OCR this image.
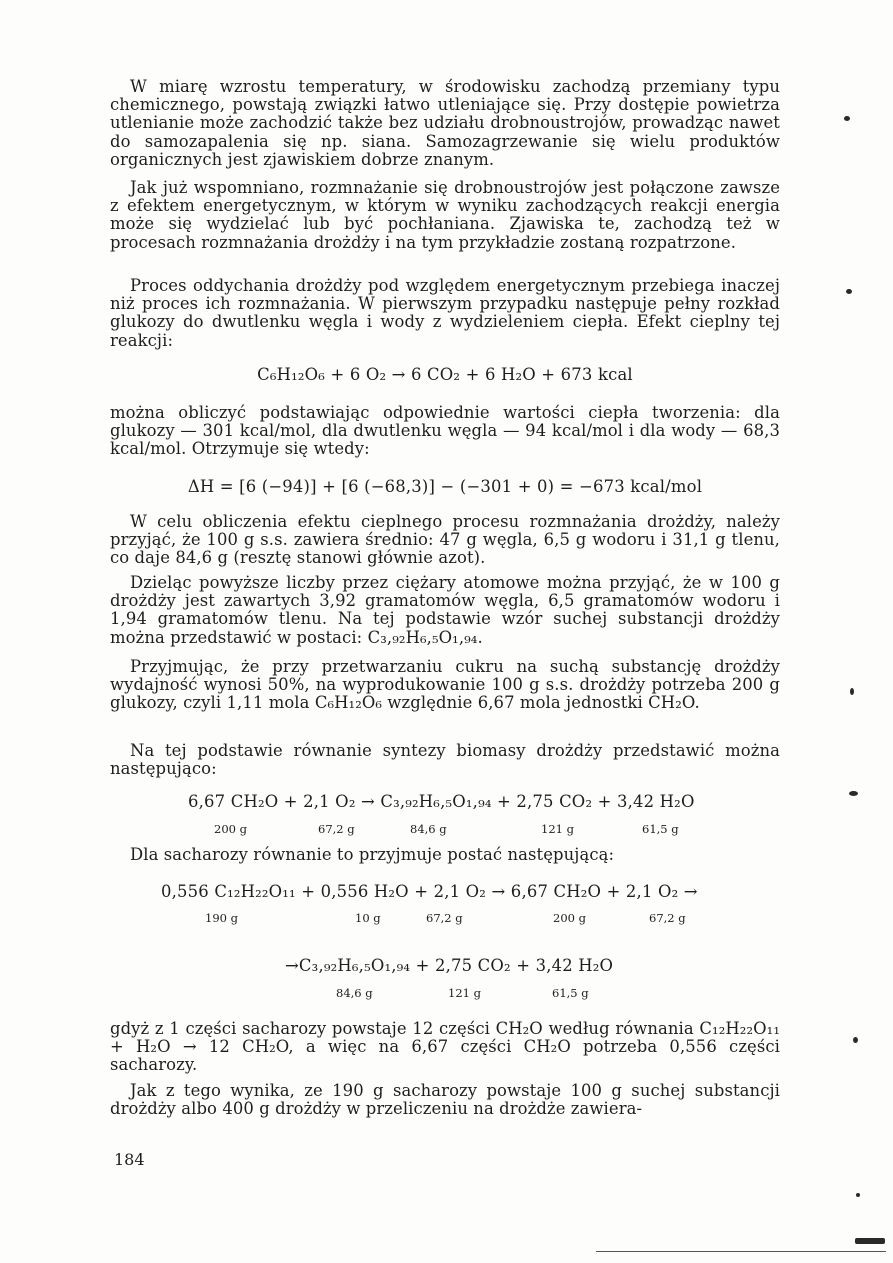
W miarę wzrostu temperatury, w środowisku zachodzą przemiany typu chemicznego, powstają związki łatwo utleniające się. Przy dostępie powietrza utlenianie może zachodzić także bez udziału drobnoustrojów, prowadząc nawet do samozapalenia się np. siana. Samozagrzewanie się wielu produktów organicznych jest zjawiskiem dobrze znanym.
Jak już wspomniano, rozmnażanie się drobnoustrojów jest połączone zawsze z efektem energetycznym, w którym w wyniku zachodzących reakcji energia może się wydzielać lub być pochłaniana. Zjawiska te, zachodzą też w procesach rozmnażania drożdży i na tym przykładzie zostaną rozpatrzone.
Proces oddychania drożdży pod względem energetycznym przebiega inaczej niż proces ich rozmnażania. W pierwszym przypadku następuje pełny rozkład glukozy do dwutlenku węgla i wody z wydzieleniem ciepła. Efekt cieplny tej reakcji:
C₆H₁₂O₆ + 6 O₂ → 6 CO₂ + 6 H₂O + 673 kcal
można obliczyć podstawiając odpowiednie wartości ciepła tworzenia: dla glukozy — 301 kcal/mol, dla dwutlenku węgla — 94 kcal/mol i dla wody — 68,3 kcal/mol. Otrzymuje się wtedy:
ΔH = [6 (−94)] + [6 (−68,3)] − (−301 + 0) = −673 kcal/mol
W celu obliczenia efektu cieplnego procesu rozmnażania drożdży, należy przyjąć, że 100 g s.s. zawiera średnio: 47 g węgla, 6,5 g wodoru i 31,1 g tlenu, co daje 84,6 g (resztę stanowi głównie azot).
Dzieląc powyższe liczby przez ciężary atomowe można przyjąć, że w 100 g drożdży jest zawartych 3,92 gramatomów węgla, 6,5 gramatomów wodoru i 1,94 gramatomów tlenu. Na tej podstawie wzór suchej substancji drożdży można przedstawić w postaci: C₃,₉₂H₆,₅O₁,₉₄.
Przyjmując, że przy przetwarzaniu cukru na suchą substancję drożdży wydajność wynosi 50%, na wyprodukowanie 100 g s.s. drożdży potrzeba 200 g glukozy, czyli 1,11 mola C₆H₁₂O₆ względnie 6,67 mola jednostki CH₂O.
Na tej podstawie równanie syntezy biomasy drożdży przedstawić można następująco:
6,67 CH₂O + 2,1 O₂ → C₃,₉₂H₆,₅O₁,₉₄ + 2,75 CO₂ + 3,42 H₂O
200 g	67,2 g	84,6 g	121 g	61,5 g
Dla sacharozy równanie to przyjmuje postać następującą:
0,556 C₁₂H₂₂O₁₁ + 0,556 H₂O + 2,1 O₂ → 6,67 CH₂O + 2,1 O₂ →
190 g	10 g	67,2 g	200 g	67,2 g
→C₃,₉₂H₆,₅O₁,₉₄ + 2,75 CO₂ + 3,42 H₂O
84,6 g	121 g	61,5 g
gdyż z 1 części sacharozy powstaje 12 części CH₂O według równania C₁₂H₂₂O₁₁ + H₂O → 12 CH₂O, a więc na 6,67 części CH₂O potrzeba 0,556 części sacharozy.
Jak z tego wynika, ze 190 g sacharozy powstaje 100 g suchej substancji drożdży albo 400 g drożdży w przeliczeniu na drożdże zawiera-
184
